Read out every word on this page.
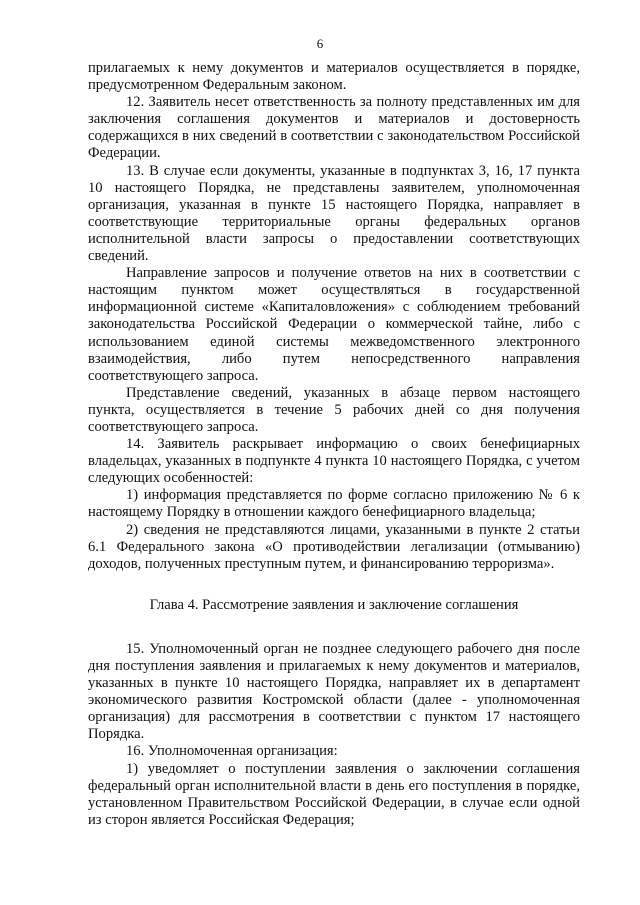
6

прилагаемых к нему документов и материалов осуществляется в порядке, предусмотренном Федеральным законом.

12. Заявитель несет ответственность за полноту представленных им для заключения соглашения документов и материалов и достоверность содержащихся в них сведений в соответствии с законодательством Российской Федерации.

13. В случае если документы, указанные в подпунктах 3, 16, 17 пункта 10 настоящего Порядка, не представлены заявителем, уполномоченная организация, указанная в пункте 15 настоящего Порядка, направляет в соответствующие территориальные органы федеральных органов исполнительной власти запросы о предоставлении соответствующих сведений.

Направление запросов и получение ответов на них в соответствии с настоящим пунктом может осуществляться в государственной информационной системе «Капиталовложения» с соблюдением требований законодательства Российской Федерации о коммерческой тайне, либо с использованием единой системы межведомственного электронного взаимодействия, либо путем непосредственного направления соответствующего запроса.

Представление сведений, указанных в абзаце первом настоящего пункта, осуществляется в течение 5 рабочих дней со дня получения соответствующего запроса.

14. Заявитель раскрывает информацию о своих бенефициарных владельцах, указанных в подпункте 4 пункта 10 настоящего Порядка, с учетом следующих особенностей:

1) информация представляется по форме согласно приложению № 6 к настоящему Порядку в отношении каждого бенефициарного владельца;

2) сведения не представляются лицами, указанными в пункте 2 статьи 6.1 Федерального закона «О противодействии легализации (отмыванию) доходов, полученных преступным путем, и финансированию терроризма».

Глава 4. Рассмотрение заявления и заключение соглашения

15. Уполномоченный орган не позднее следующего рабочего дня после дня поступления заявления и прилагаемых к нему документов и материалов, указанных в пункте 10 настоящего Порядка, направляет их в департамент экономического развития Костромской области (далее - уполномоченная организация) для рассмотрения в соответствии с пунктом 17 настоящего Порядка.

16. Уполномоченная организация:

1) уведомляет о поступлении заявления о заключении соглашения федеральный орган исполнительной власти в день его поступления в порядке, установленном Правительством Российской Федерации, в случае если одной из сторон является Российская Федерация;
